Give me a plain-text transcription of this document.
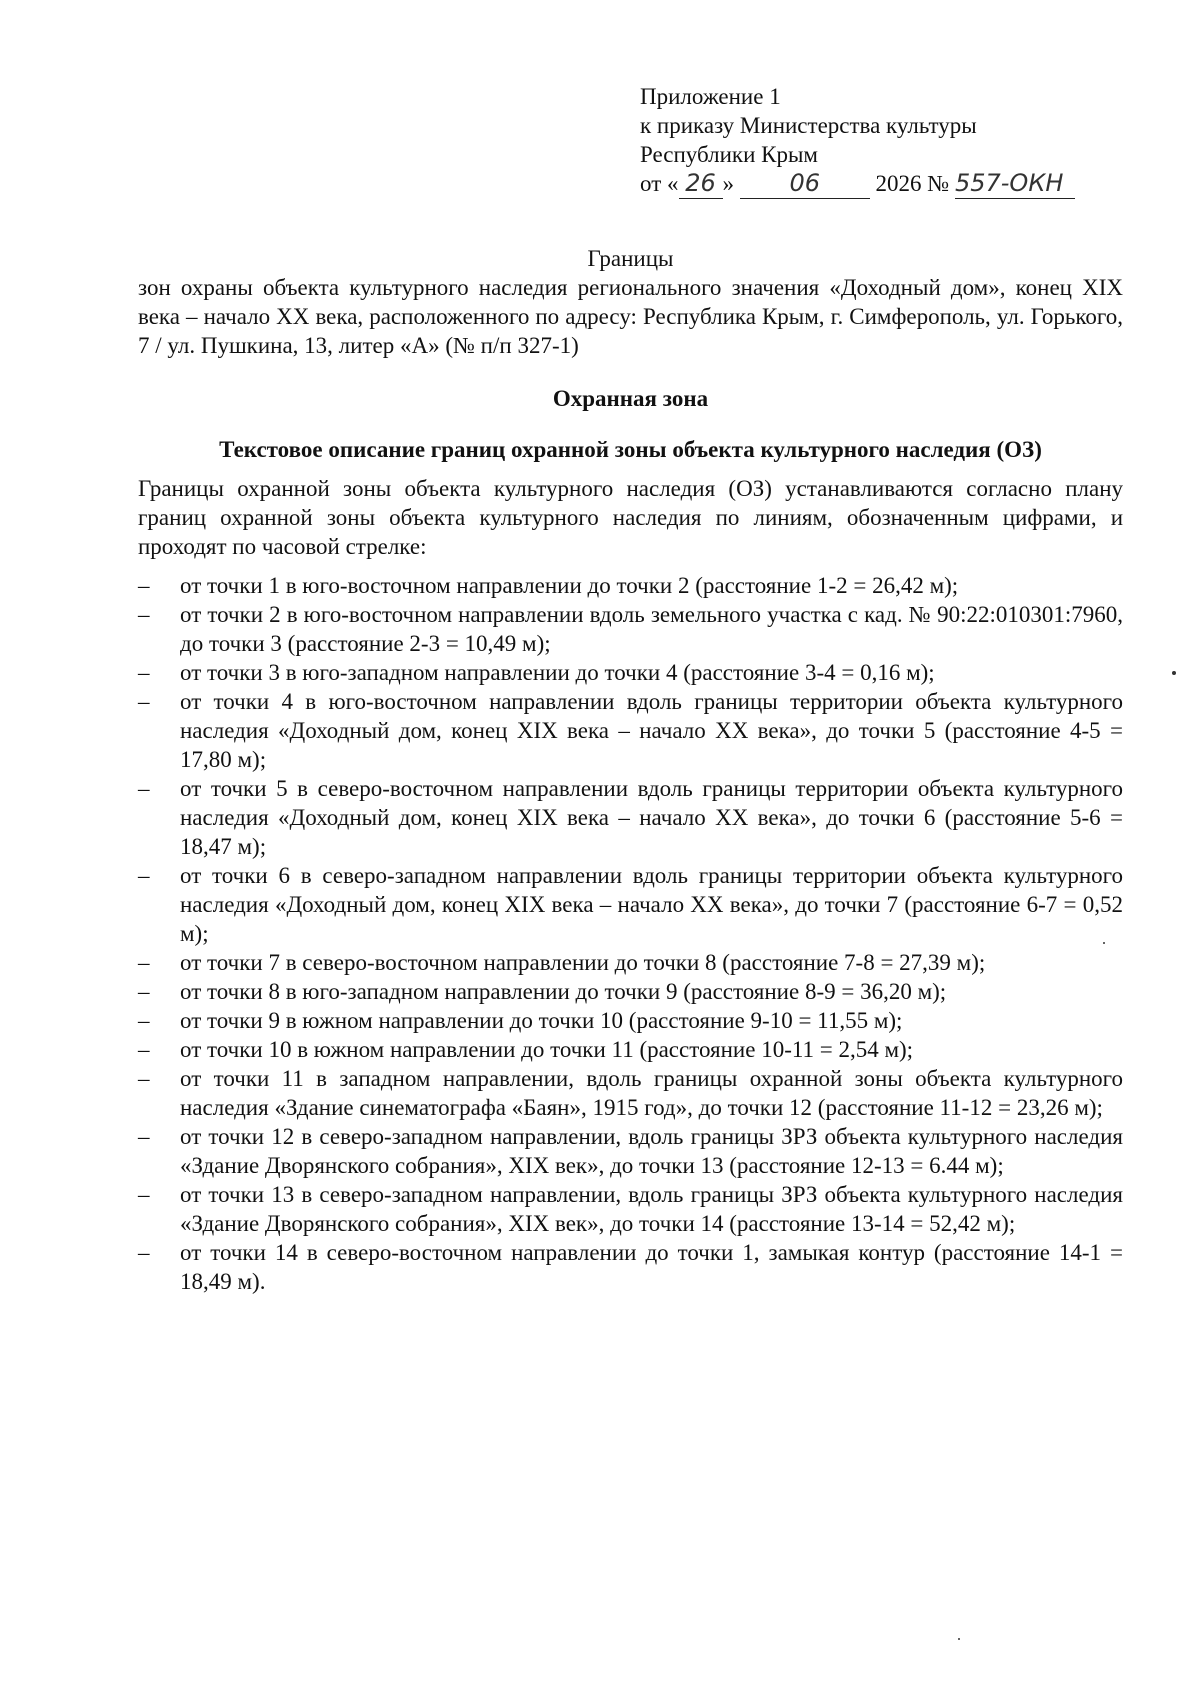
Приложение 1
к приказу Министерства культуры
Республики Крым
от « 26 »
	06
	2026 №
557-ОКН
Границы
зон охраны объекта культурного наследия регионального значения «Доходный дом», конец XIX века – начало XX века, расположенного по адресу: Республика Крым, г. Симферополь, ул. Горького, 7 / ул. Пушкина, 13, литер «А» (№ п/п 327-1)
Охранная зона
Текстовое описание границ охранной зоны объекта культурного наследия (ОЗ)
Границы охранной зоны объекта культурного наследия (ОЗ) устанавливаются согласно плану границ охранной зоны объекта культурного наследия по линиям, обозначенным цифрами, и проходят по часовой стрелке:
– от точки 1 в юго-восточном направлении до точки 2 (расстояние 1-2 = 26,42 м);
– от точки 2 в юго-восточном направлении вдоль земельного участка с кад. № 90:22:010301:7960, до точки 3 (расстояние 2-3 = 10,49 м);
– от точки 3 в юго-западном направлении до точки 4 (расстояние 3-4 = 0,16 м);
– от точки 4 в юго-восточном направлении вдоль границы территории объекта культурного наследия «Доходный дом, конец XIX века – начало XX века», до точки 5 (расстояние 4-5 = 17,80 м);
– от точки 5 в северо-восточном направлении вдоль границы территории объекта культурного наследия «Доходный дом, конец XIX века – начало XX века», до точки 6 (расстояние 5-6 = 18,47 м);
– от точки 6 в северо-западном направлении вдоль границы территории объекта культурного наследия «Доходный дом, конец XIX века – начало XX века», до точки 7 (расстояние 6-7 = 0,52 м);
– от точки 7 в северо-восточном направлении до точки 8 (расстояние 7-8 = 27,39 м);
– от точки 8 в юго-западном направлении до точки 9 (расстояние 8-9 = 36,20 м);
– от точки 9 в южном направлении до точки 10 (расстояние 9-10 = 11,55 м);
– от точки 10 в южном направлении до точки 11 (расстояние 10-11 = 2,54 м);
– от точки 11 в западном направлении, вдоль границы охранной зоны объекта культурного наследия «Здание синематографа «Баян», 1915 год», до точки 12 (расстояние 11-12 = 23,26 м);
– от точки 12 в северо-западном направлении, вдоль границы ЗРЗ объекта культурного наследия «Здание Дворянского собрания», XIX век», до точки 13 (расстояние 12-13 = 6.44 м);
– от точки 13 в северо-западном направлении, вдоль границы ЗРЗ объекта культурного наследия «Здание Дворянского собрания», XIX век», до точки 14 (расстояние 13-14 = 52,42 м);
– от точки 14 в северо-восточном направлении до точки 1, замыкая контур (расстояние 14-1 = 18,49 м).
